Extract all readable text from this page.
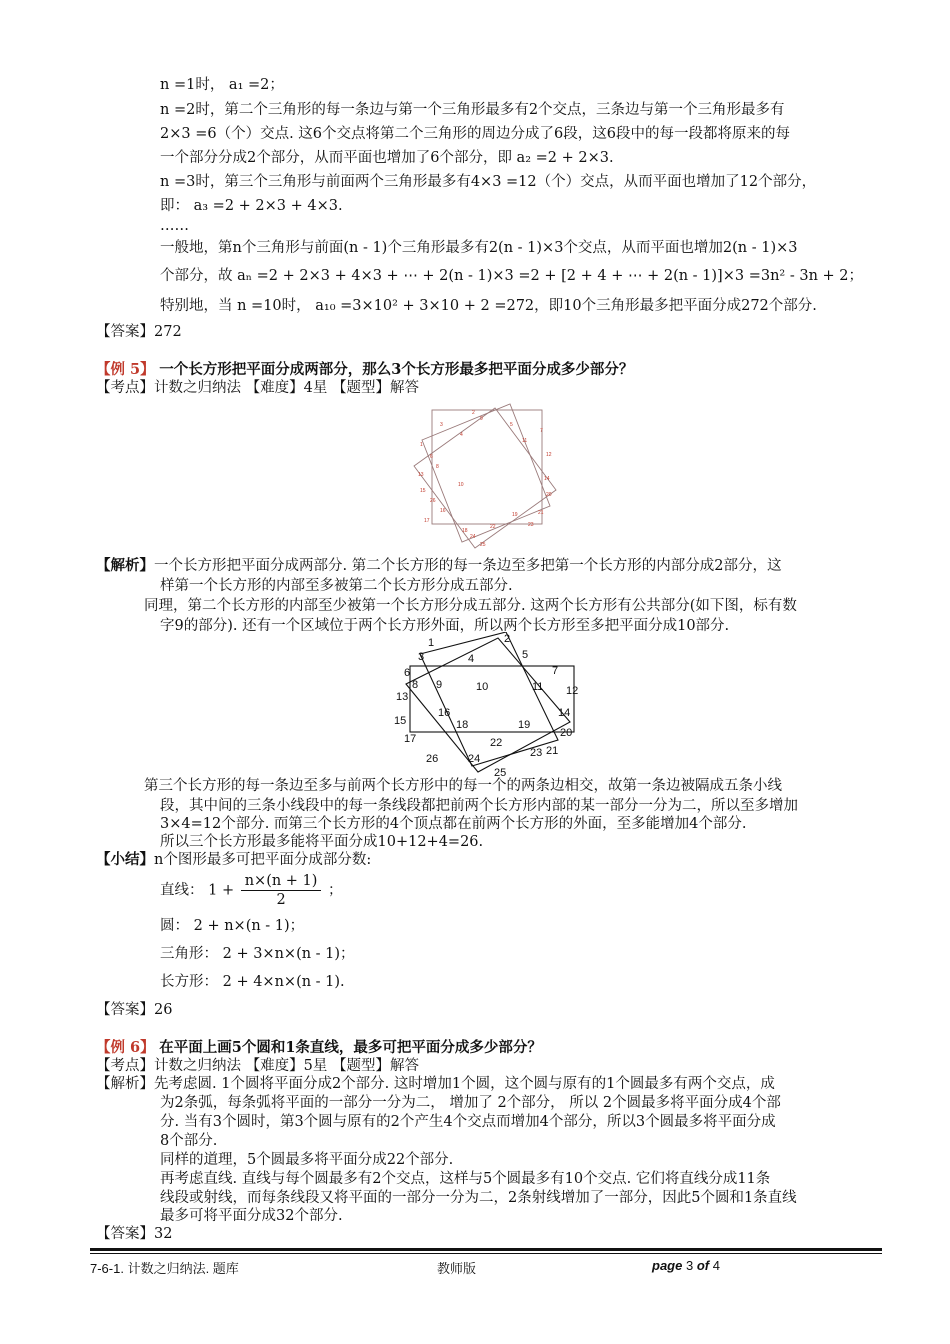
n =1时， a₁ =2；
n =2时，第二个三角形的每一条边与第一个三角形最多有2个交点，三条边与第一个三角形最多有
2×3 =6（个）交点. 这6个交点将第二个三角形的周边分成了6段，这6段中的每一段都将原来的每
一个部分分成2个部分，从而平面也增加了6个部分，即 a₂ =2 + 2×3.
n =3时，第三个三角形与前面两个三角形最多有4×3 =12（个）交点，从而平面也增加了12个部分，
即： a₃ =2 + 2×3 + 4×3.
……
一般地，第n个三角形与前面(n - 1)个三角形最多有2(n - 1)×3个交点，从而平面也增加2(n - 1)×3
个部分，故 aₙ =2 + 2×3 + 4×3 + ⋯ + 2(n - 1)×3 =2 + [2 + 4 + ⋯ + 2(n - 1)]×3 =3n² - 3n + 2；
特别地，当 n =10时， a₁₀ =3×10² + 3×10 + 2 =272，即10个三角形最多把平面分成272个部分.
【答案】272
【例 5】 一个长方形把平面分成两部分，那么3个长方形最多把平面分成多少部分？
【考点】计数之归纳法 【难度】4星 【题型】解答
1
2
3
4
5
6
7
8
9
10
11
12
13
14
15
16
17
18
19
20
21
22	23
24
25
26
【解析】一个长方形把平面分成两部分. 第二个长方形的每一条边至多把第一个长方形的内部分成2部分，这
样第一个长方形的内部至多被第二个长方形分成五部分.
同理，第二个长方形的内部至少被第一个长方形分成五部分. 这两个长方形有公共部分(如下图，标有数
字9的部分). 还有一个区域位于两个长方形外面，所以两个长方形至多把平面分成10部分.
1	2
3	4	5
6	7
8 9	10	11 12
13
14
15
16
17
18	19
20
21
22
23
24
25
26
第三个长方形的每一条边至多与前两个长方形中的每一个的两条边相交，故第一条边被隔成五条小线
段，其中间的三条小线段中的每一条线段都把前两个长方形内部的某一部分一分为二，所以至多增加
3×4=12个部分. 而第三个长方形的4个顶点都在前两个长方形的外面，至多能增加4个部分.
所以三个长方形最多能将平面分成10+12+4=26.
【小结】n个图形最多可把平面分成部分数:
直线： $1 + \frac{n\times(n + 1)}{2}$ ；
圆： 2 + n×(n - 1)；
三角形： 2 + 3×n×(n - 1)；
长方形： 2 + 4×n×(n - 1).
【答案】26
【例 6】 在平面上画5个圆和1条直线，最多可把平面分成多少部分？
【考点】计数之归纳法 【难度】5星 【题型】解答
【解析】先考虑圆. 1个圆将平面分成2个部分. 这时增加1个圆，这个圆与原有的1个圆最多有两个交点，成
为2条弧，每条弧将平面的一部分一分为二， 增加了 2个部分， 所以 2个圆最多将平面分成4个部
分. 当有3个圆时，第3个圆与原有的2个产生4个交点而增加4个部分，所以3个圆最多将平面分成
8个部分.
同样的道理，5个圆最多将平面分成22个部分.
再考虑直线. 直线与每个圆最多有2个交点，这样与5个圆最多有10个交点. 它们将直线分成11条
线段或射线，而每条线段又将平面的一部分一分为二，2条射线增加了一部分，因此5个圆和1条直线
最多可将平面分成32个部分.
【答案】32
7-6-1. 计数之归纳法. 题库	教师版	page 3 of 4
